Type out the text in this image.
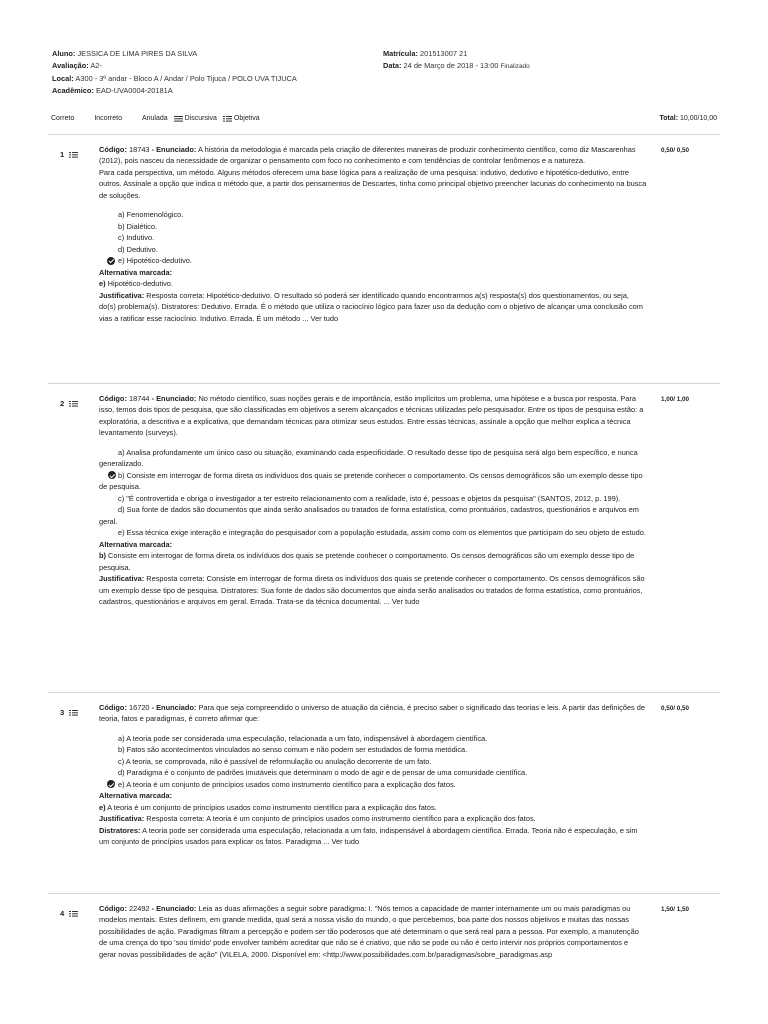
Aluno: JESSICA DE LIMA PIRES DA SILVA	Matrícula: 201513007 21
Avaliação: A2-	Data: 24 de Março de 2018 - 13:00 Finalizado
Local: A300 - 3º andar - Bloco A / Andar / Polo Tijuca / POLO UVA TIJUCA
Acadêmico: EAD-UVA0004-20181A
Correto	Incorreto	Anulada Discursiva Objetiva	Total: 10,00/10,00
1

Código: 18743 - Enunciado: A história da metodologia é marcada pela criação de diferentes maneiras de produzir conhecimento científico, como diz Mascarenhas (2012), pois nasceu da necessidade de organizar o pensamento com foco no conhecimento e com tendências de controlar fenômenos e a natureza.

Para cada perspectiva, um método. Alguns métodos oferecem uma base lógica para a realização de uma pesquisa: indutivo, dedutivo e hipotético-dedutivo, entre outros. Assinale a opção que indica o método que, a partir dos pensamentos de Descartes, tinha como principal objetivo preencher lacunas do conhecimento na busca de soluções.

a) Fenomenológico.
b) Dialético.
c) Indutivo.
d) Dedutivo.
e) Hipotético-dedutivo.

Alternativa marcada:

e) Hipotético-dedutivo.

Justificativa: Resposta correta: Hipotético-dedutivo. O resultado só poderá ser identificado quando encontrarmos a(s) resposta(s) dos questionamentos, ou seja, do(s) problema(s). Distratores: Dedutivo. Errada. É o método que utiliza o raciocínio lógico para fazer uso da dedução com o objetivo de alcançar uma conclusão com vias a ratificar esse raciocínio. Indutivo. Errada. É um método ... Ver tudo

0,50/ 0,50
2

Código: 18744 - Enunciado: No método científico, suas noções gerais e de importância, estão implícitos um problema, uma hipótese e a busca por resposta. Para isso, temos dois tipos de pesquisa, que são classificadas em objetivos a serem alcançados e técnicas utilizadas pelo pesquisador. Entre os tipos de pesquisa estão: a exploratória, a descritiva e a explicativa, que demandam técnicas para otimizar seus estudos. Entre essas técnicas, assinale a opção que melhor explica a técnica levantamento (surveys).

a) Analisa profundamente um único caso ou situação, examinando cada especificidade. O resultado desse tipo de pesquisa será algo bem específico, e nunca generalizado.

b) Consiste em interrogar de forma direta os indivíduos dos quais se pretende conhecer o comportamento. Os censos demográficos são um exemplo desse tipo de pesquisa.

c) "É controvertida e obriga o investigador a ter estreito relacionamento com a realidade, isto é, pessoas e objetos da pesquisa" (SANTOS, 2012, p. 199).

d) Sua fonte de dados são documentos que ainda serão analisados ou tratados de forma estatística, como prontuários, cadastros, questionários e arquivos em geral.

e) Essa técnica exige interação e integração do pesquisador com a população estudada, assim como com os elementos que participam do seu objeto de estudo.

Alternativa marcada:

b) Consiste em interrogar de forma direta os indivíduos dos quais se pretende conhecer o comportamento. Os censos demográficos são um exemplo desse tipo de pesquisa.

Justificativa: Resposta correta: Consiste em interrogar de forma direta os indivíduos dos quais se pretende conhecer o comportamento. Os censos demográficos são um exemplo desse tipo de pesquisa. Distratores: Sua fonte de dados são documentos que ainda serão analisados ou tratados de forma estatística, como prontuários, cadastros, questionários e arquivos em geral. Errada. Trata-se da técnica documental. ... Ver tudo

1,00/ 1,00
3

Código: 16720 - Enunciado: Para que seja compreendido o universo de atuação da ciência, é preciso saber o significado das teorias e leis. A partir das definições de teoria, fatos e paradigmas, é correto afirmar que:

a) A teoria pode ser considerada uma especulação, relacionada a um fato, indispensável à abordagem científica.
b) Fatos são acontecimentos vinculados ao senso comum e não podem ser estudados de forma metódica.
c) A teoria, se comprovada, não é passível de reformulação ou anulação decorrente de um fato.
d) Paradigma é o conjunto de padrões imutáveis que determinam o modo de agir e de pensar de uma comunidade científica.
e) A teoria é um conjunto de princípios usados como instrumento científico para a explicação dos fatos.

Alternativa marcada:

e) A teoria é um conjunto de princípios usados como instrumento científico para a explicação dos fatos.

Justificativa: Resposta correta: A teoria é um conjunto de princípios usados como instrumento científico para a explicação dos fatos.

Distratores: A teoria pode ser considerada uma especulação, relacionada a um fato, indispensável à abordagem científica. Errada. Teoria não é especulação, e sim um conjunto de princípios usados para explicar os fatos. Paradigma ... Ver tudo

0,50/ 0,50
4

Código: 22492 - Enunciado: Leia as duas afirmações a seguir sobre paradigma: I. "Nós temos a capacidade de manter internamente um ou mais paradigmas ou modelos mentais. Estes definem, em grande medida, qual será a nossa visão do mundo, o que percebemos, boa parte dos nossos objetivos e muitas das nossas possibilidades de ação. Paradigmas filtram a percepção e podem ser tão poderosos que até determinam o que será real para a pessoa. Por exemplo, a manutenção de uma crença do tipo 'sou tímido' pode envolver também acreditar que não se é criativo, que não se pode ou não é certo intervir nos próprios comportamentos e gerar novas possibilidades de ação" (VILELA, 2000. Disponível em: <http://www.possibilidades.com.br/paradigmas/sobre_paradigmas.asp

1,50/ 1,50
